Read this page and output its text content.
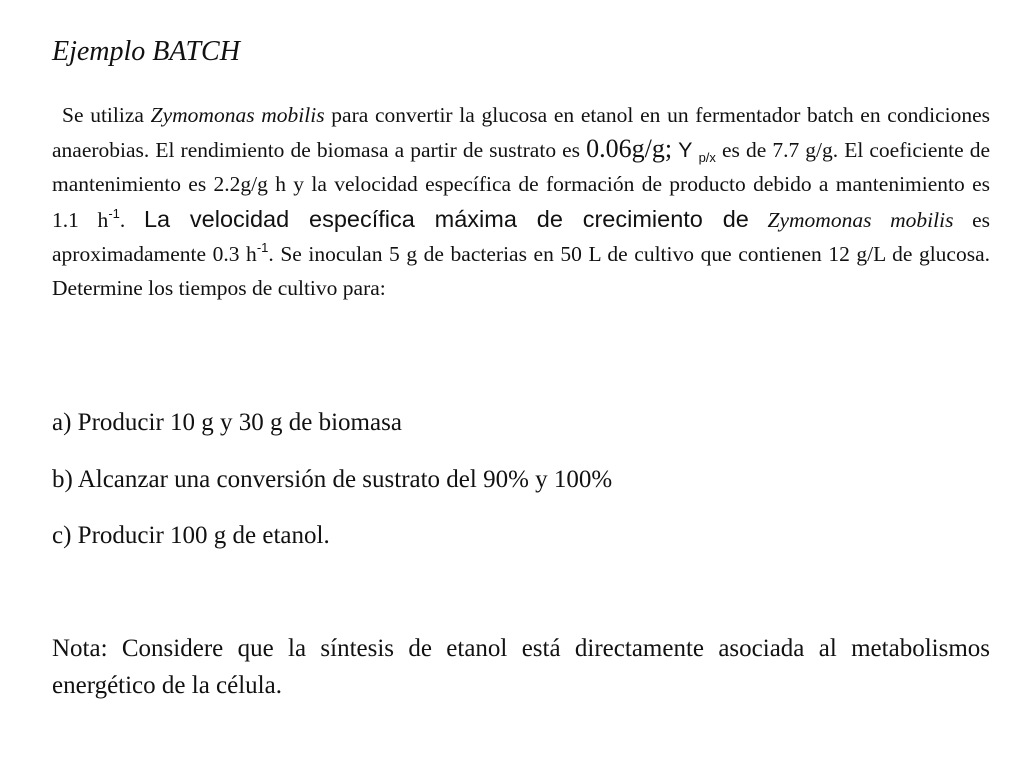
Ejemplo BATCH
Se utiliza Zymomonas mobilis para convertir la glucosa en etanol en un fermentador batch en condiciones anaerobias. El rendimiento de biomasa a partir de sustrato es 0.06g/g; Y $_{p/x}$ es de 7.7 g/g. El coeficiente de mantenimiento es 2.2g/g h y la velocidad específica de formación de producto debido a mantenimiento es 1.1 $h^{-1}$. La velocidad específica máxima de crecimiento de Zymomonas mobilis es aproximadamente 0.3 $h^{-1}$. Se inoculan 5 g de bacterias en 50 L de cultivo que contienen 12 g/L de glucosa. Determine los tiempos de cultivo para:
a) Producir 10 g y 30 g de biomasa
b) Alcanzar una conversión de sustrato del 90% y 100%
c) Producir 100 g de etanol.
Nota: Considere que la síntesis de etanol está directamente asociada al metabolismos energético de la célula.
